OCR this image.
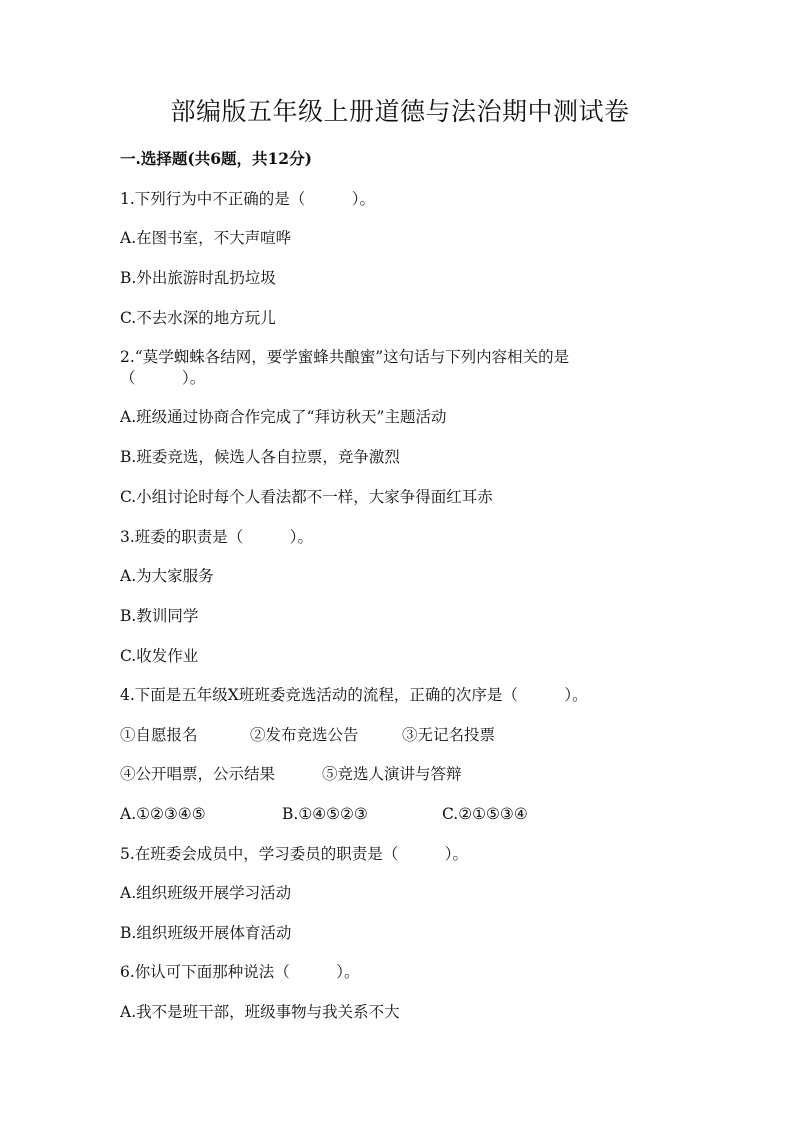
部编版五年级上册道德与法治期中测试卷
一.选择题(共6题，共12分)
1.下列行为中不正确的是（　　　）。
A.在图书室，不大声喧哗
B.外出旅游时乱扔垃圾
C.不去水深的地方玩儿
2.“莫学蜘蛛各结网，要学蜜蜂共酿蜜”这句话与下列内容相关的是
（　　　）。
A.班级通过协商合作完成了“拜访秋天”主题活动
B.班委竞选，候选人各自拉票，竞争激烈
C.小组讨论时每个人看法都不一样，大家争得面红耳赤
3.班委的职责是（　　　）。
A.为大家服务
B.教训同学
C.收发作业
4.下面是五年级X班班委竞选活动的流程，正确的次序是（　　　）。
①自愿报名	②发布竞选公告	③无记名投票
④公开唱票，公示结果	⑤竞选人演讲与答辩
A.①②③④⑤	B.①④⑤②③	C.②①⑤③④
5.在班委会成员中，学习委员的职责是（　　　）。
A.组织班级开展学习活动
B.组织班级开展体育活动
6.你认可下面那种说法（　　　）。
A.我不是班干部，班级事物与我关系不大
